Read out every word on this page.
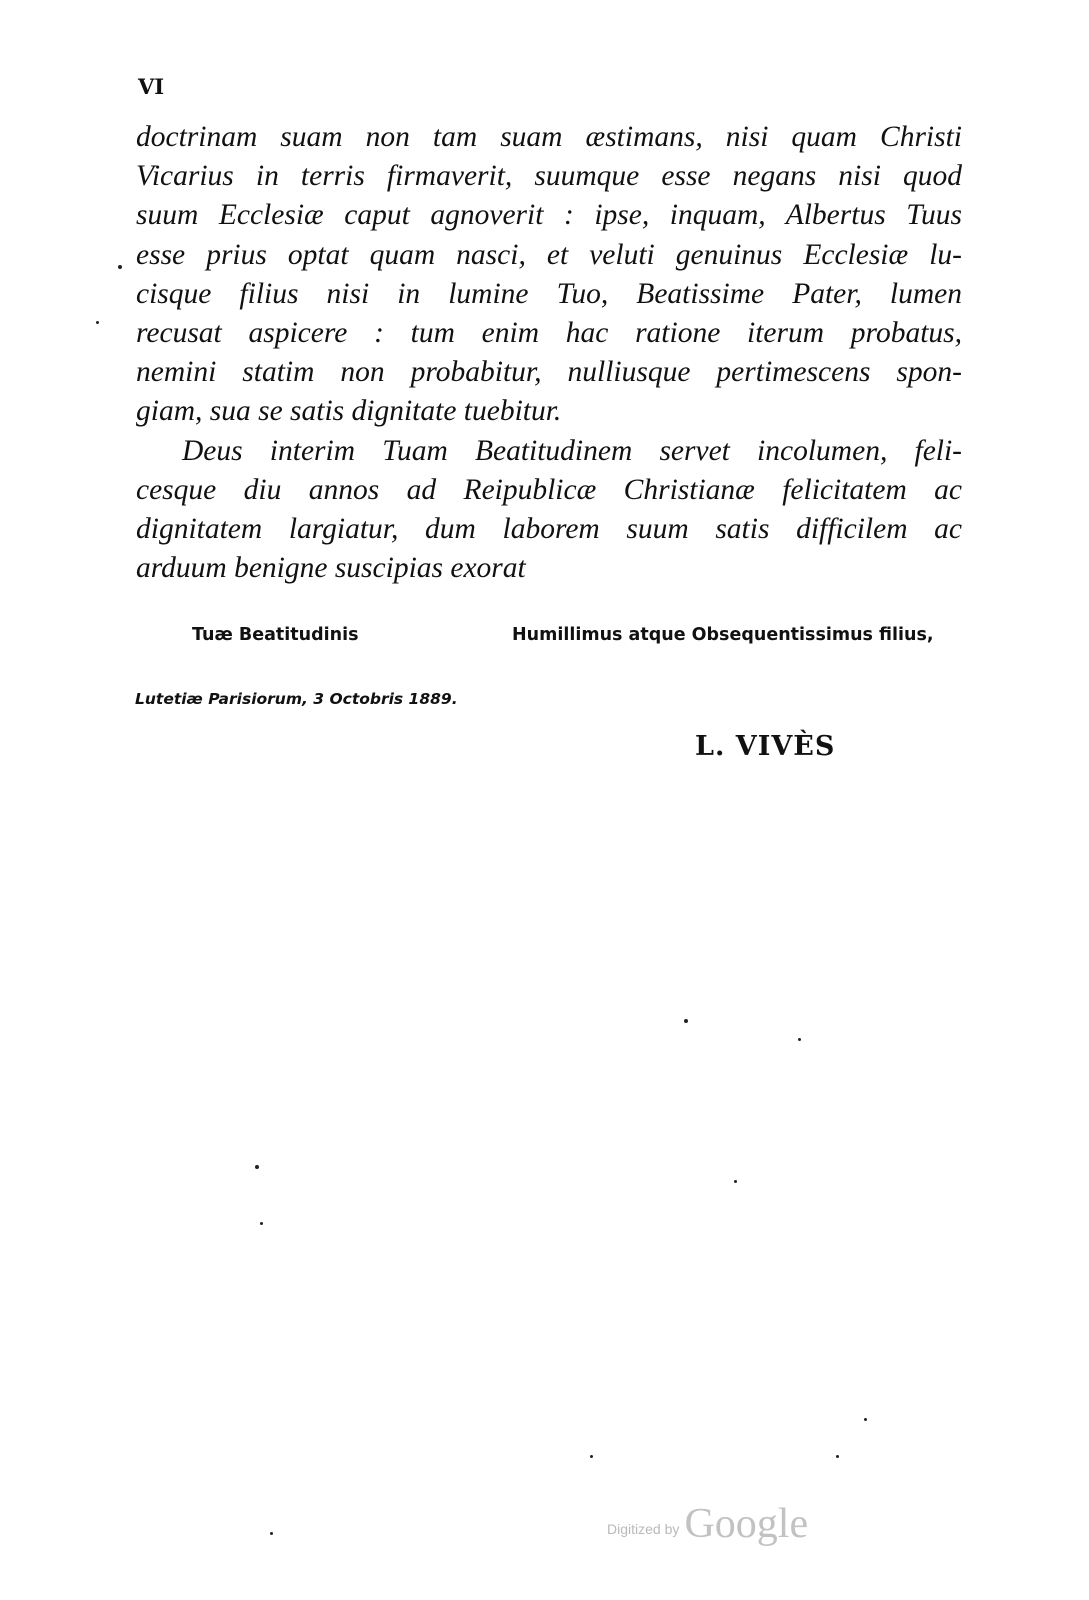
VI
doctrinam suam non tam suam æstimans, nisi quam Christi
Vicarius in terris firmaverit, suumque esse negans nisi quod
suum Ecclesiæ caput agnoverit : ipse, inquam, Albertus Tuus
esse prius optat quam nasci, et veluti genuinus Ecclesiæ lu-
cisque filius nisi in lumine Tuo, Beatissime Pater, lumen
recusat aspicere : tum enim hac ratione iterum probatus,
nemini statim non probabitur, nulliusque pertimescens spon-
giam, sua se satis dignitate tuebitur.
Deus interim Tuam Beatitudinem servet incolumen, feli-
cesque diu annos ad Reipublicæ Christianæ felicitatem ac
dignitatem largiatur, dum laborem suum satis difficilem ac
arduum benigne suscipias exorat
Tuæ Beatitudinis	Humillimus atque Obsequentissimus filius,
Lutetiæ Parisiorum, 3 Octobris 1889.
L. VIVÈS
Digitized by Google
